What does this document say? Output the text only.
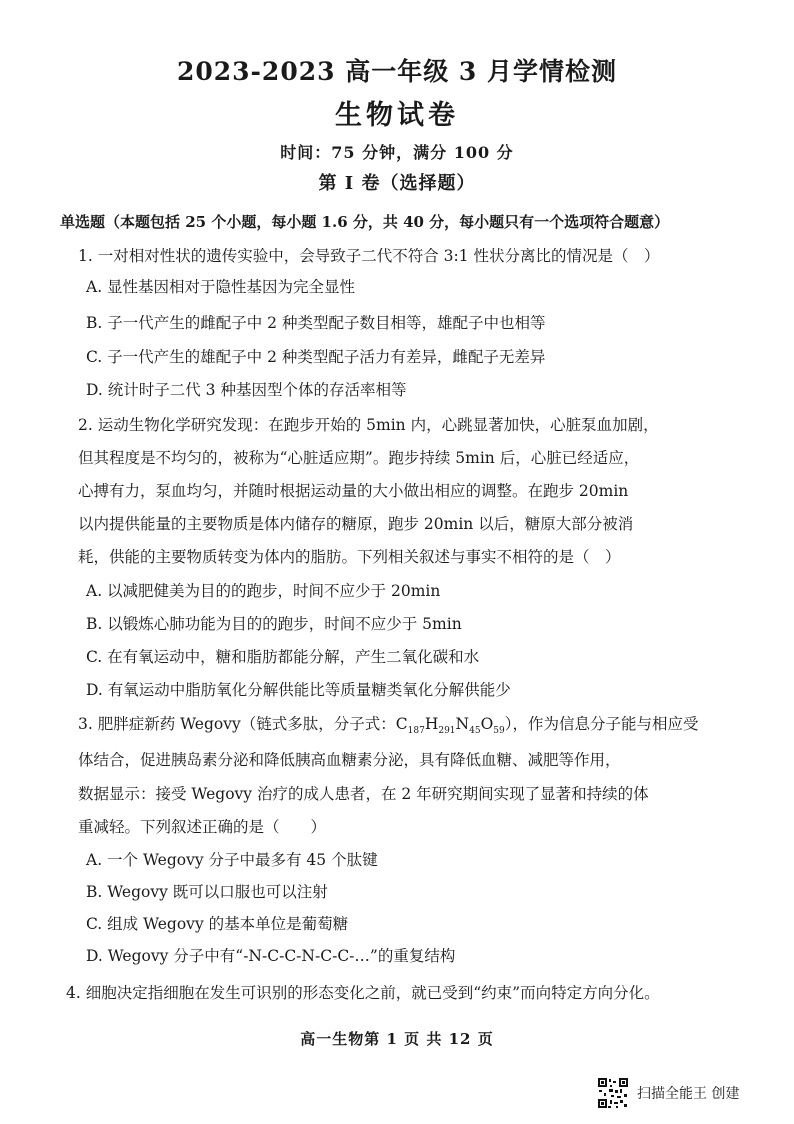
2023-2023 高一年级 3 月学情检测
生物试卷
时间：75 分钟，满分 100 分
第 I 卷（选择题）
单选题（本题包括 25 个小题，每小题 1.6 分，共 40 分，每小题只有一个选项符合题意）
1. 一对相对性状的遗传实验中，会导致子二代不符合 3:1 性状分离比的情况是（　）
A. 显性基因相对于隐性基因为完全显性
B. 子一代产生的雌配子中 2 种类型配子数目相等，雄配子中也相等
C. 子一代产生的雄配子中 2 种类型配子活力有差异，雌配子无差异
D. 统计时子二代 3 种基因型个体的存活率相等
2. 运动生物化学研究发现：在跑步开始的 5min 内，心跳显著加快，心脏泵血加剧，
但其程度是不均匀的，被称为“心脏适应期”。跑步持续 5min 后，心脏已经适应，
心搏有力，泵血均匀，并随时根据运动量的大小做出相应的调整。在跑步 20min
以内提供能量的主要物质是体内储存的糖原，跑步 20min 以后，糖原大部分被消
耗，供能的主要物质转变为体内的脂肪。下列相关叙述与事实不相符的是（　）
A. 以减肥健美为目的的跑步，时间不应少于 20min
B. 以锻炼心肺功能为目的的跑步，时间不应少于 5min
C. 在有氧运动中，糖和脂肪都能分解，产生二氧化碳和水
D. 有氧运动中脂肪氧化分解供能比等质量糖类氧化分解供能少
3. 肥胖症新药 Wegovy（链式多肽，分子式：$C_{187}H_{291}N_{45}O_{59}$），作为信息分子能与相应受
体结合，促进胰岛素分泌和降低胰高血糖素分泌，具有降低血糖、减肥等作用，
数据显示：接受 Wegovy 治疗的成人患者，在 2 年研究期间实现了显著和持续的体
重减轻。下列叙述正确的是（　　）
A. 一个 Wegovy 分子中最多有 45 个肽键
B. Wegovy 既可以口服也可以注射
C. 组成 Wegovy 的基本单位是葡萄糖
D. Wegovy 分子中有“-N-C-C-N-C-C-…”的重复结构
4. 细胞决定指细胞在发生可识别的形态变化之前，就已受到“约束”而向特定方向分化。
高一生物第 1 页 共 12 页
扫描全能王 创建
